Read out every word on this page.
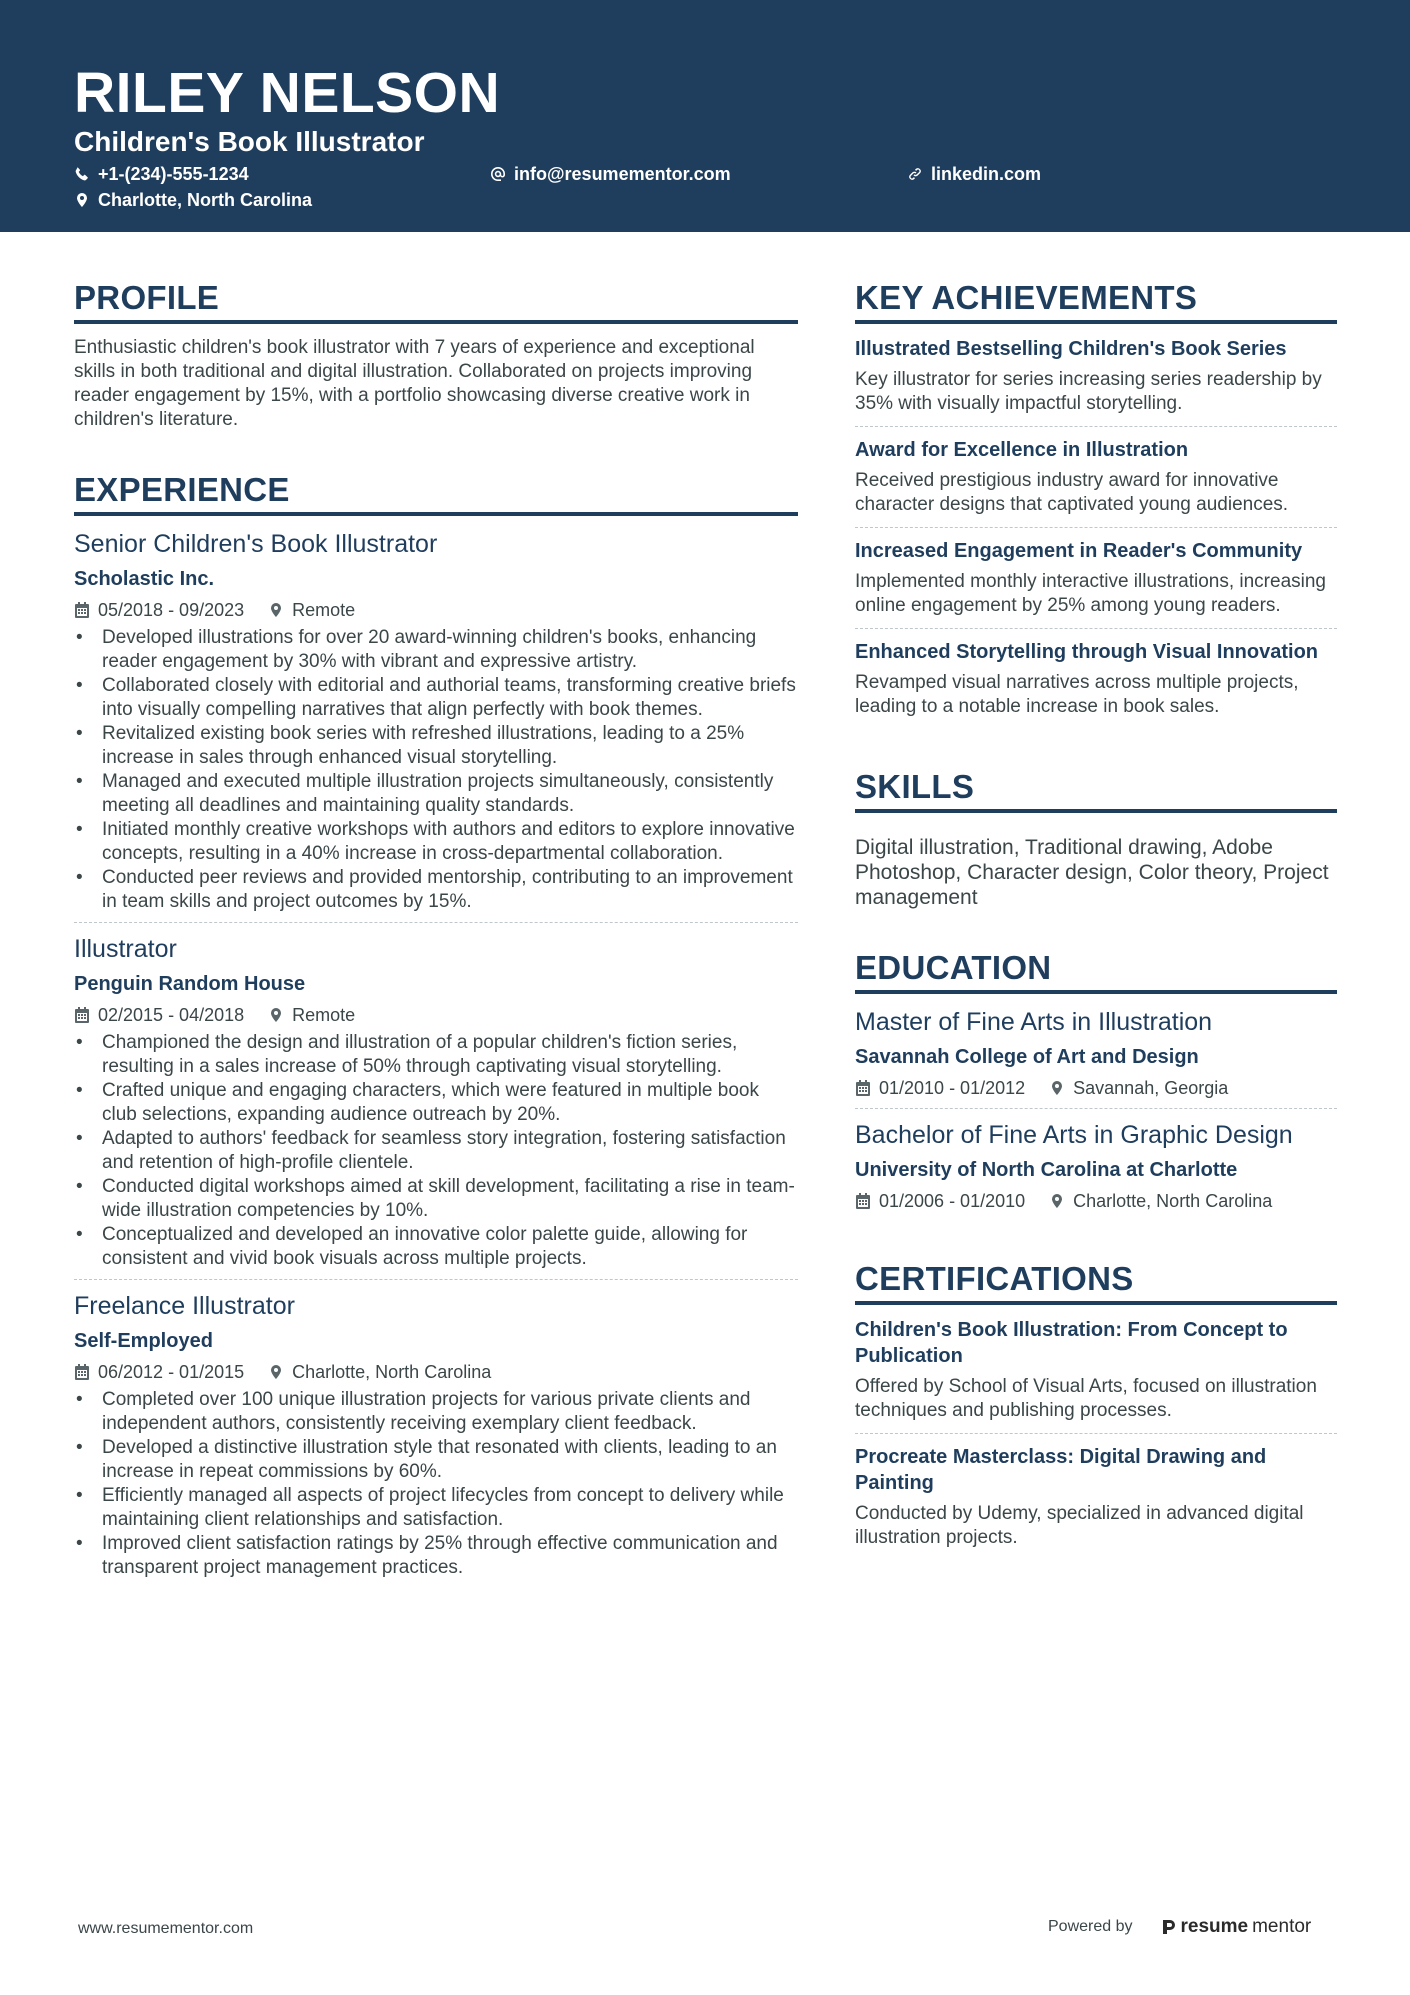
RILEY NELSON
Children's Book Illustrator
+1-(234)-555-1234	info@resumementor.com	linkedin.com
Charlotte, North Carolina
PROFILE
Enthusiastic children's book illustrator with 7 years of experience and exceptional skills in both traditional and digital illustration. Collaborated on projects improving reader engagement by 15%, with a portfolio showcasing diverse creative work in children's literature.
EXPERIENCE
Senior Children's Book Illustrator
Scholastic Inc.
05/2018 - 09/2023	Remote
• Developed illustrations for over 20 award-winning children's books, enhancing reader engagement by 30% with vibrant and expressive artistry.
• Collaborated closely with editorial and authorial teams, transforming creative briefs into visually compelling narratives that align perfectly with book themes.
• Revitalized existing book series with refreshed illustrations, leading to a 25% increase in sales through enhanced visual storytelling.
• Managed and executed multiple illustration projects simultaneously, consistently meeting all deadlines and maintaining quality standards.
• Initiated monthly creative workshops with authors and editors to explore innovative concepts, resulting in a 40% increase in cross-departmental collaboration.
• Conducted peer reviews and provided mentorship, contributing to an improvement in team skills and project outcomes by 15%.
Illustrator
Penguin Random House
02/2015 - 04/2018	Remote
• Championed the design and illustration of a popular children's fiction series, resulting in a sales increase of 50% through captivating visual storytelling.
• Crafted unique and engaging characters, which were featured in multiple book club selections, expanding audience outreach by 20%.
• Adapted to authors' feedback for seamless story integration, fostering satisfaction and retention of high-profile clientele.
• Conducted digital workshops aimed at skill development, facilitating a rise in team-wide illustration competencies by 10%.
• Conceptualized and developed an innovative color palette guide, allowing for consistent and vivid book visuals across multiple projects.
Freelance Illustrator
Self-Employed
06/2012 - 01/2015	Charlotte, North Carolina
• Completed over 100 unique illustration projects for various private clients and independent authors, consistently receiving exemplary client feedback.
• Developed a distinctive illustration style that resonated with clients, leading to an increase in repeat commissions by 60%.
• Efficiently managed all aspects of project lifecycles from concept to delivery while maintaining client relationships and satisfaction.
• Improved client satisfaction ratings by 25% through effective communication and transparent project management practices.
KEY ACHIEVEMENTS
Illustrated Bestselling Children's Book Series
Key illustrator for series increasing series readership by 35% with visually impactful storytelling.
Award for Excellence in Illustration
Received prestigious industry award for innovative character designs that captivated young audiences.
Increased Engagement in Reader's Community
Implemented monthly interactive illustrations, increasing online engagement by 25% among young readers.
Enhanced Storytelling through Visual Innovation
Revamped visual narratives across multiple projects, leading to a notable increase in book sales.
SKILLS
Digital illustration, Traditional drawing, Adobe Photoshop, Character design, Color theory, Project management
EDUCATION
Master of Fine Arts in Illustration
Savannah College of Art and Design
01/2010 - 01/2012	Savannah, Georgia
Bachelor of Fine Arts in Graphic Design
University of North Carolina at Charlotte
01/2006 - 01/2010	Charlotte, North Carolina
CERTIFICATIONS
Children's Book Illustration: From Concept to Publication
Offered by School of Visual Arts, focused on illustration techniques and publishing processes.
Procreate Masterclass: Digital Drawing and Painting
Conducted by Udemy, specialized in advanced digital illustration projects.
www.resumementor.com	Powered by	resume mentor
